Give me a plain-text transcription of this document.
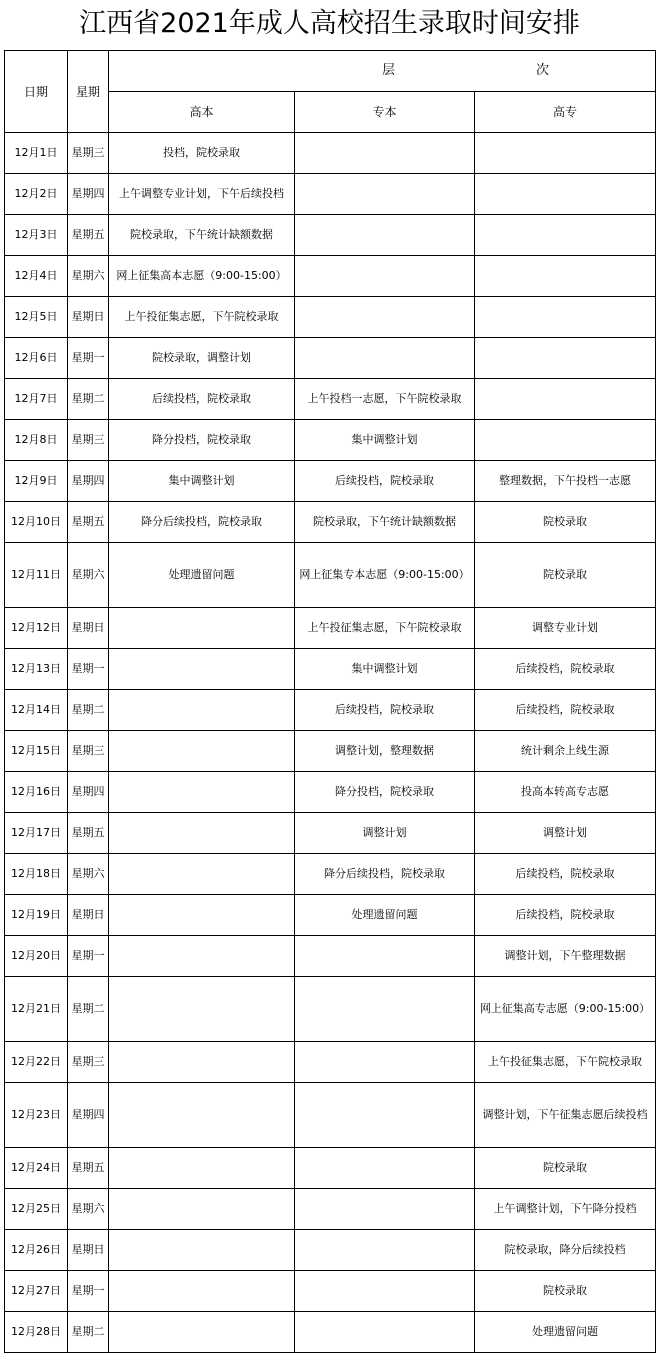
江西省2021年成人高校招生录取时间安排
日期	星期	层 次		
		高本	专本	高专
12月1日	星期三	投档，院校录取		
12月2日	星期四	上午调整专业计划，下午后续投档		
12月3日	星期五	院校录取，下午统计缺额数据		
12月4日	星期六	网上征集高本志愿（9:00-15:00）		
12月5日	星期日	上午投征集志愿，下午院校录取		
12月6日	星期一	院校录取，调整计划		
12月7日	星期二	后续投档，院校录取	上午投档一志愿，下午院校录取	
12月8日	星期三	降分投档，院校录取	集中调整计划	
12月9日	星期四	集中调整计划	后续投档，院校录取	整理数据，下午投档一志愿
12月10日	星期五	降分后续投档，院校录取	院校录取，下午统计缺额数据	院校录取
12月11日	星期六	处理遗留问题	网上征集专本志愿（9:00-15:00）	院校录取
12月12日	星期日		上午投征集志愿，下午院校录取	调整专业计划
12月13日	星期一		集中调整计划	后续投档，院校录取
12月14日	星期二		后续投档，院校录取	后续投档，院校录取
12月15日	星期三		调整计划，整理数据	统计剩余上线生源
12月16日	星期四		降分投档，院校录取	投高本转高专志愿
12月17日	星期五		调整计划	调整计划
12月18日	星期六		降分后续投档，院校录取	后续投档，院校录取
12月19日	星期日		处理遗留问题	后续投档，院校录取
12月20日	星期一			调整计划，下午整理数据
12月21日	星期二			网上征集高专志愿（9:00-15:00）
12月22日	星期三			上午投征集志愿，下午院校录取
12月23日	星期四			调整计划，下午征集志愿后续投档
12月24日	星期五			院校录取
12月25日	星期六			上午调整计划，下午降分投档
12月26日	星期日			院校录取，降分后续投档
12月27日	星期一			院校录取
12月28日	星期二			处理遗留问题
